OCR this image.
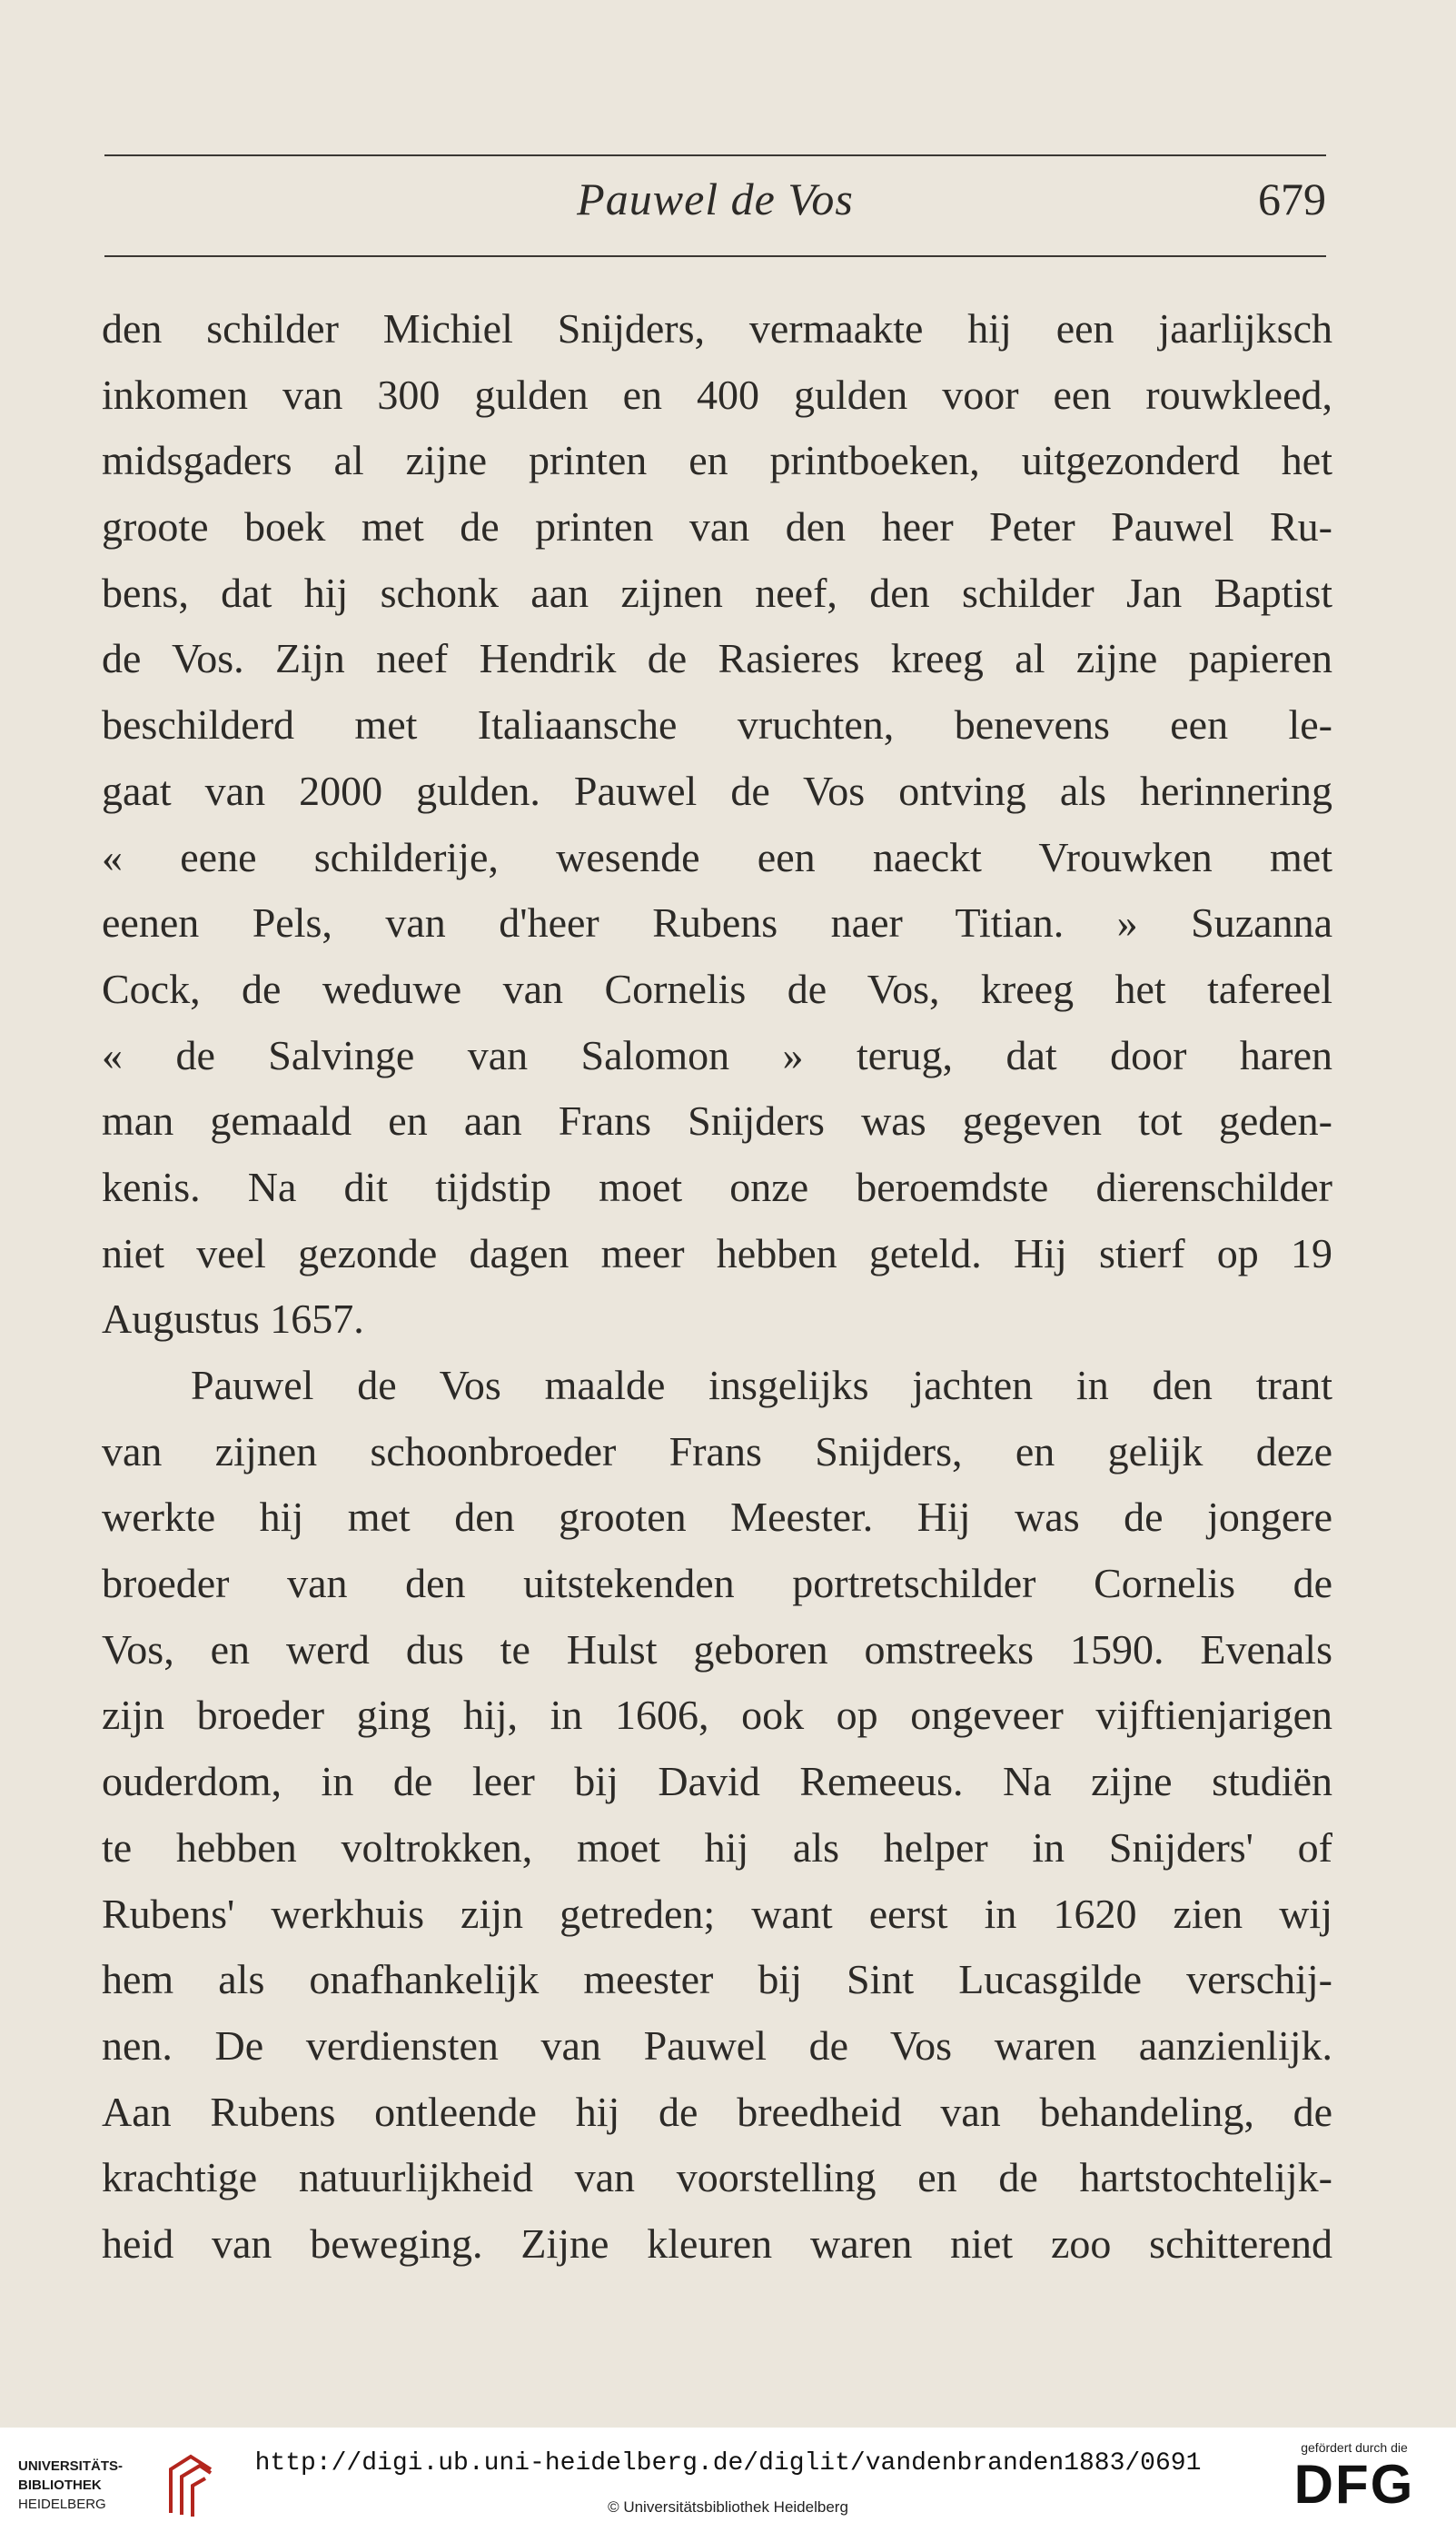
Pauwel de Vos	679
den schilder Michiel Snijders, vermaakte hij een jaarlijksch
inkomen van 300 gulden en 400 gulden voor een rouwkleed,
midsgaders al zijne printen en printboeken, uitgezonderd het
groote boek met de printen van den heer Peter Pauwel Ru-
bens, dat hij schonk aan zijnen neef, den schilder Jan Baptist
de Vos. Zijn neef Hendrik de Rasieres kreeg al zijne papieren
beschilderd met Italiaansche vruchten, benevens een le-
gaat van 2000 gulden. Pauwel de Vos ontving als herinnering
« eene schilderije, wesende een naeckt Vrouwken met
eenen Pels, van d'heer Rubens naer Titian. » Suzanna
Cock, de weduwe van Cornelis de Vos, kreeg het tafereel
« de Salvinge van Salomon » terug, dat door haren
man gemaald en aan Frans Snijders was gegeven tot geden-
kenis. Na dit tijdstip moet onze beroemdste dierenschilder
niet veel gezonde dagen meer hebben geteld. Hij stierf op 19
Augustus 1657.
Pauwel de Vos maalde insgelijks jachten in den trant
van zijnen schoonbroeder Frans Snijders, en gelijk deze
werkte hij met den grooten Meester. Hij was de jongere
broeder van den uitstekenden portretschilder Cornelis de
Vos, en werd dus te Hulst geboren omstreeks 1590. Evenals
zijn broeder ging hij, in 1606, ook op ongeveer vijftienjarigen
ouderdom, in de leer bij David Remeeus. Na zijne studiën
te hebben voltrokken, moet hij als helper in Snijders' of
Rubens' werkhuis zijn getreden; want eerst in 1620 zien wij
hem als onafhankelijk meester bij Sint Lucasgilde verschij-
nen. De verdiensten van Pauwel de Vos waren aanzienlijk.
Aan Rubens ontleende hij de breedheid van behandeling, de
krachtige natuurlijkheid van voorstelling en de hartstochtelijk-
heid van beweging. Zijne kleuren waren niet zoo schitterend
UNIVERSITÄTS-
BIBLIOTHEK
HEIDELBERG
http://digi.ub.uni-heidelberg.de/diglit/vandenbranden1883/0691
© Universitätsbibliothek Heidelberg
gefördert durch die
DFG
